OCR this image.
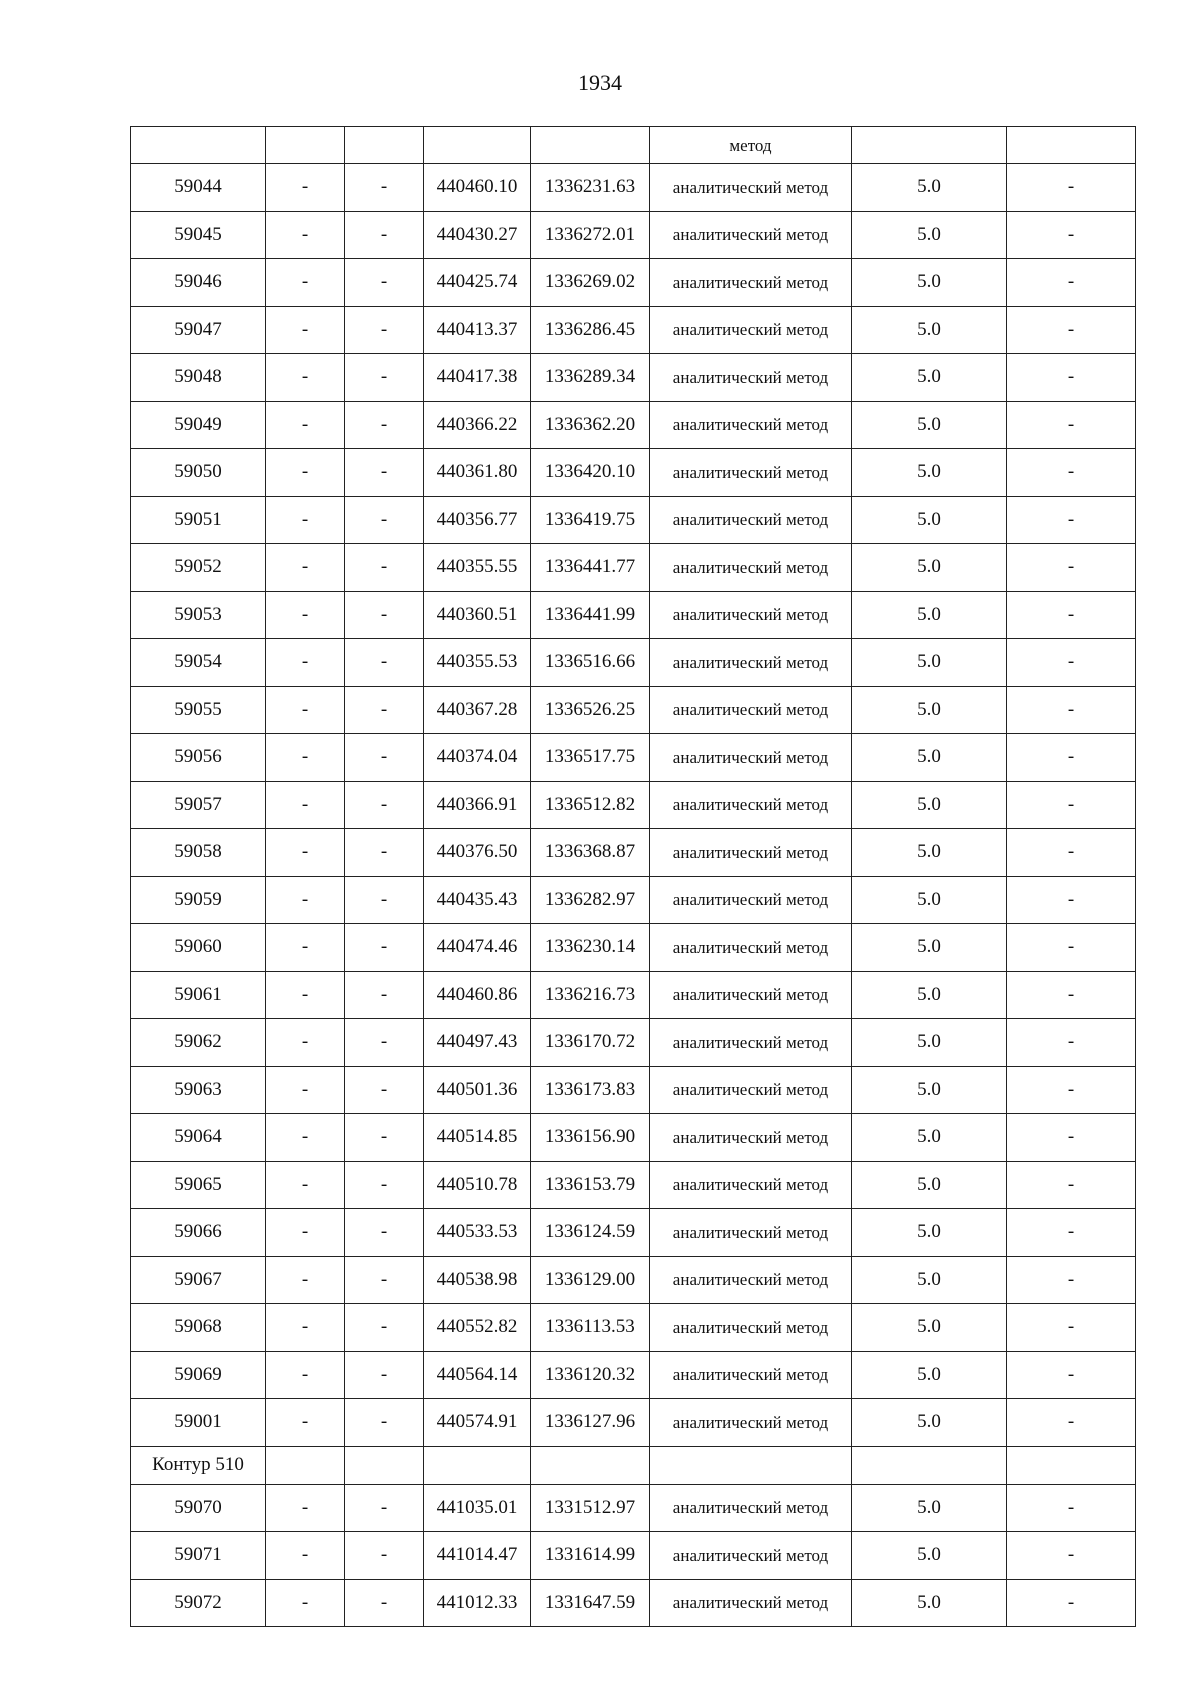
1934
					метод		
59044	-	-	440460.10	1336231.63	аналитический метод	5.0	-
59045	-	-	440430.27	1336272.01	аналитический метод	5.0	-
59046	-	-	440425.74	1336269.02	аналитический метод	5.0	-
59047	-	-	440413.37	1336286.45	аналитический метод	5.0	-
59048	-	-	440417.38	1336289.34	аналитический метод	5.0	-
59049	-	-	440366.22	1336362.20	аналитический метод	5.0	-
59050	-	-	440361.80	1336420.10	аналитический метод	5.0	-
59051	-	-	440356.77	1336419.75	аналитический метод	5.0	-
59052	-	-	440355.55	1336441.77	аналитический метод	5.0	-
59053	-	-	440360.51	1336441.99	аналитический метод	5.0	-
59054	-	-	440355.53	1336516.66	аналитический метод	5.0	-
59055	-	-	440367.28	1336526.25	аналитический метод	5.0	-
59056	-	-	440374.04	1336517.75	аналитический метод	5.0	-
59057	-	-	440366.91	1336512.82	аналитический метод	5.0	-
59058	-	-	440376.50	1336368.87	аналитический метод	5.0	-
59059	-	-	440435.43	1336282.97	аналитический метод	5.0	-
59060	-	-	440474.46	1336230.14	аналитический метод	5.0	-
59061	-	-	440460.86	1336216.73	аналитический метод	5.0	-
59062	-	-	440497.43	1336170.72	аналитический метод	5.0	-
59063	-	-	440501.36	1336173.83	аналитический метод	5.0	-
59064	-	-	440514.85	1336156.90	аналитический метод	5.0	-
59065	-	-	440510.78	1336153.79	аналитический метод	5.0	-
59066	-	-	440533.53	1336124.59	аналитический метод	5.0	-
59067	-	-	440538.98	1336129.00	аналитический метод	5.0	-
59068	-	-	440552.82	1336113.53	аналитический метод	5.0	-
59069	-	-	440564.14	1336120.32	аналитический метод	5.0	-
59001	-	-	440574.91	1336127.96	аналитический метод	5.0	-
Контур 510							
59070	-	-	441035.01	1331512.97	аналитический метод	5.0	-
59071	-	-	441014.47	1331614.99	аналитический метод	5.0	-
59072	-	-	441012.33	1331647.59	аналитический метод	5.0	-
